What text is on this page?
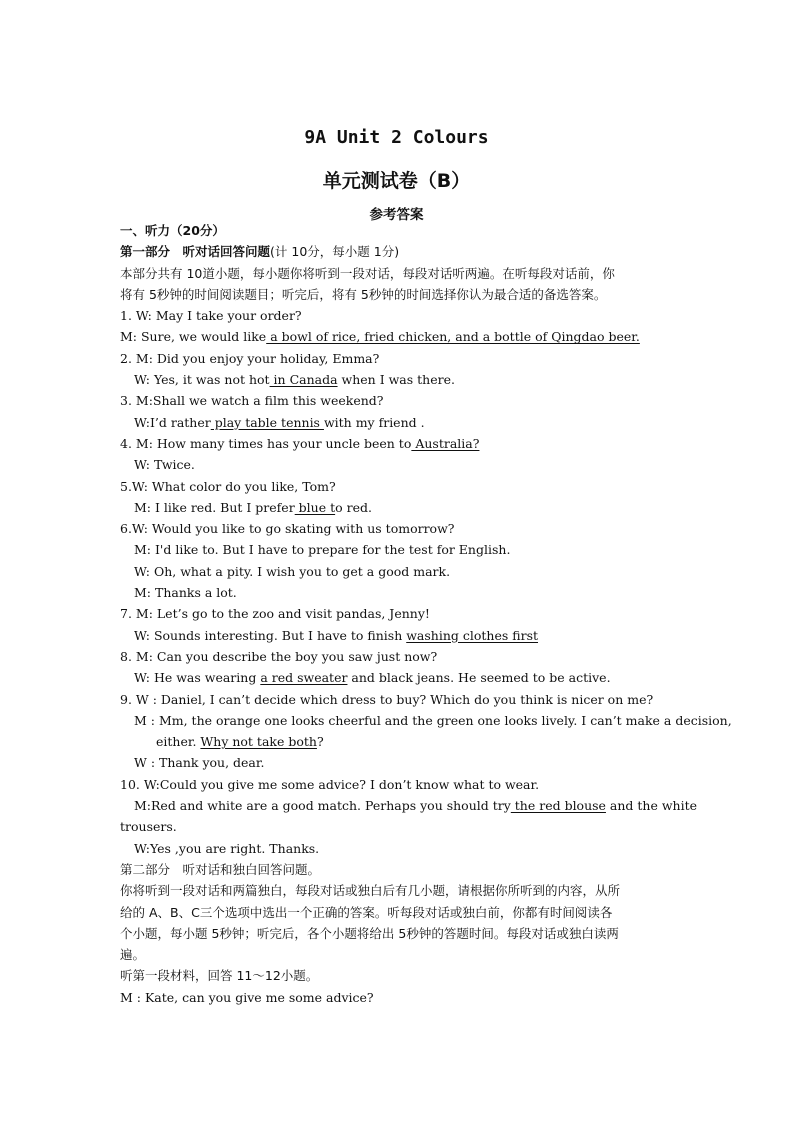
9A Unit 2 Colours
单元测试卷（B）
参考答案
一、听力（20分）
第一部分　听对话回答问题(计 10分，每小题 1分)
本部分共有 10道小题，每小题你将听到一段对话，每段对话听两遍。在听每段对话前，你
将有 5秒钟的时间阅读题目；听完后，将有 5秒钟的时间选择你认为最合适的备选答案。
1. W: May I take your order?
M: Sure, we would like a bowl of rice, fried chicken, and a bottle of Qingdao beer.
2. M: Did you enjoy your holiday, Emma?
W: Yes, it was not hot in Canada when I was there.
3. M:Shall we watch a film this weekend?
W:I’d rather play table tennis with my friend .
4. M: How many times has your uncle been to Australia?
W: Twice.
5.W: What color do you like, Tom?
M: I like red. But I prefer blue to red.
6.W: Would you like to go skating with us tomorrow?
M: I'd like to. But I have to prepare for the test for English.
W: Oh, what a pity. I wish you to get a good mark.
M: Thanks a lot.
7. M: Let’s go to the zoo and visit pandas, Jenny!
W: Sounds interesting. But I have to finish washing clothes first
8. M: Can you describe the boy you saw just now?
W: He was wearing a red sweater and black jeans. He seemed to be active.
9. W : Daniel, I can’t decide which dress to buy? Which do you think is nicer on me?
M : Mm, the orange one looks cheerful and the green one looks lively. I can’t make a decision,
either. Why not take both?
W : Thank you, dear.
10. W:Could you give me some advice? I don’t know what to wear.
M:Red and white are a good match. Perhaps you should try the red blouse and the white
trousers.
W:Yes ,you are right. Thanks.
第二部分　听对话和独白回答问题。
你将听到一段对话和两篇独白，每段对话或独白后有几小题，请根据你所听到的内容，从所
给的 A、B、C三个选项中选出一个正确的答案。听每段对话或独白前，你都有时间阅读各
个小题，每小题 5秒钟；听完后，各个小题将给出 5秒钟的答题时间。每段对话或独白读两
遍。
听第一段材料，回答 11～12小题。
M : Kate, can you give me some advice?
